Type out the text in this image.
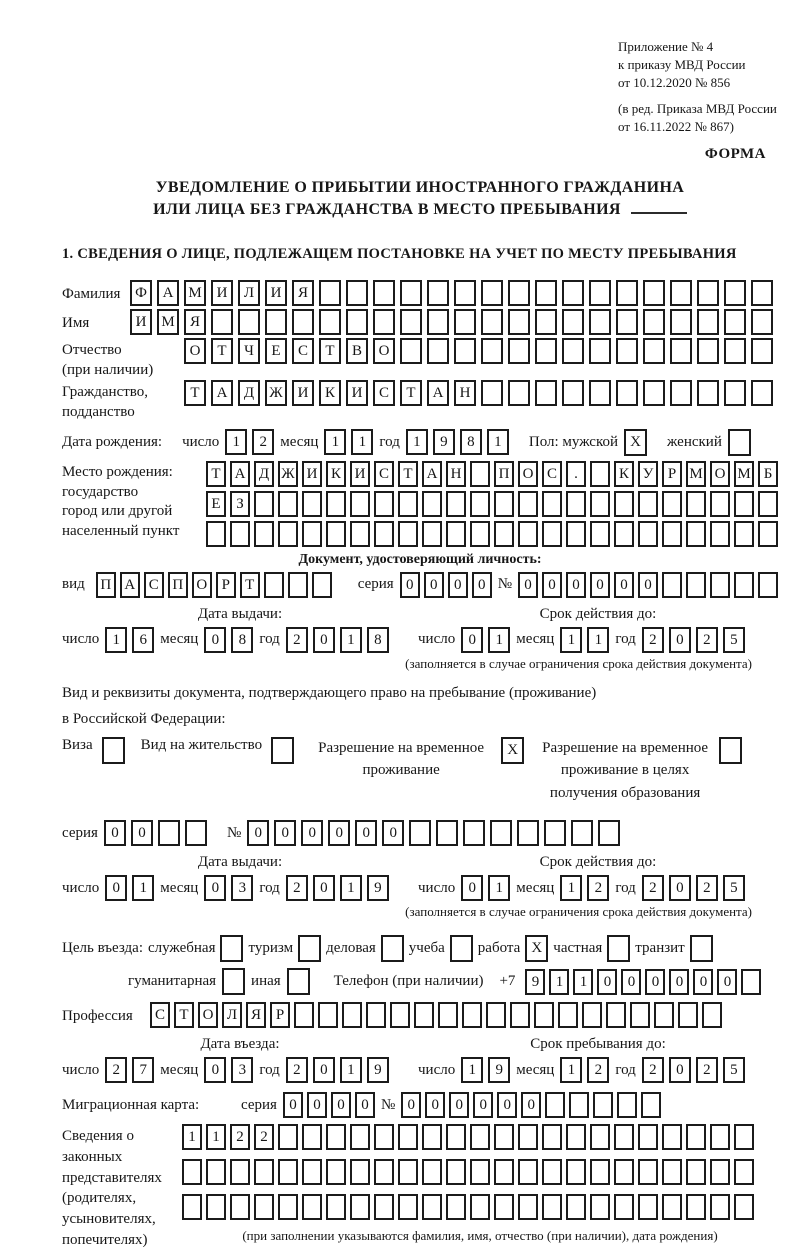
Приложение № 4
к приказу МВД России
от 10.12.2020 № 856
(в ред. Приказа МВД России
от 16.11.2022 № 867)
ФОРМА
УВЕДОМЛЕНИЕ О ПРИБЫТИИ ИНОСТРАННОГО ГРАЖДАНИНА
ИЛИ ЛИЦА БЕЗ ГРАЖДАНСТВА В МЕСТО ПРЕБЫВАНИЯ
1. СВЕДЕНИЯ О ЛИЦЕ, ПОДЛЕЖАЩЕМ ПОСТАНОВКЕ НА УЧЕТ ПО МЕСТУ ПРЕБЫВАНИЯ
Фамилия Ф	А М И	Л	И	Я
Имя	И М	Я
Отчество
(при наличии)
О	Т	Ч	Е	С	Т	В	О
Гражданство,
подданство
Т	А	Д	Ж И	К	И	С	Т	А	Н
Дата рождения: число 1	2 месяц 1	1 год 1	9	8	1	Пол: мужской X	женский
Место рождения:
государство
город или другой
населенный пункт
Т А Д Ж И К И С Т А Н	П О С	.	К У Р М О М Б
Е	З
Документ, удостоверяющий личность:
вид	П А С П О Р	Т	серия 0	0	0	0 № 0	0	0	0	0	0
Дата выдачи:
число 1	6 месяц 0	8 год 2	0	1	8
Срок действия до:
число 0	1 месяц 1	1 год 2	0	2	5
(заполняется в случае ограничения срока действия документа)
Вид и реквизиты документа, подтверждающего право на пребывание (проживание)
в Российской Федерации:
Виза	Вид на жительство	Разрешение на временное проживание
X	Разрешение на временное проживание в целях получения образования
серия 0	0	№ 0	0	0	0	0	0
Дата выдачи:
число 0	1 месяц 0	3 год 2	0	1	9
Срок действия до:
число 0	1 месяц 1	2 год 2	0	2	5
(заполняется в случае ограничения срока действия документа)
Цель въезда: служебная туризм деловая учеба работа X частная транзит
гуманитарная иная	Телефон (при наличии)	+7	9	1	1	0	0	0	0	0	0
Профессия	С Т О Л Я Р
Дата въезда:
число 2	7 месяц 0	3 год 2	0	1	9
Срок пребывания до:
число 1	9 месяц 1	2 год 2	0	2	5
Миграционная карта:	серия 0	0	0	0 № 0	0	0	0	0	0
Сведения о
законных
представителях
(родителях,
усыновителях,
попечителях)
1	1	2	2
(при заполнении указываются фамилия, имя, отчество (при наличии), дата рождения)
